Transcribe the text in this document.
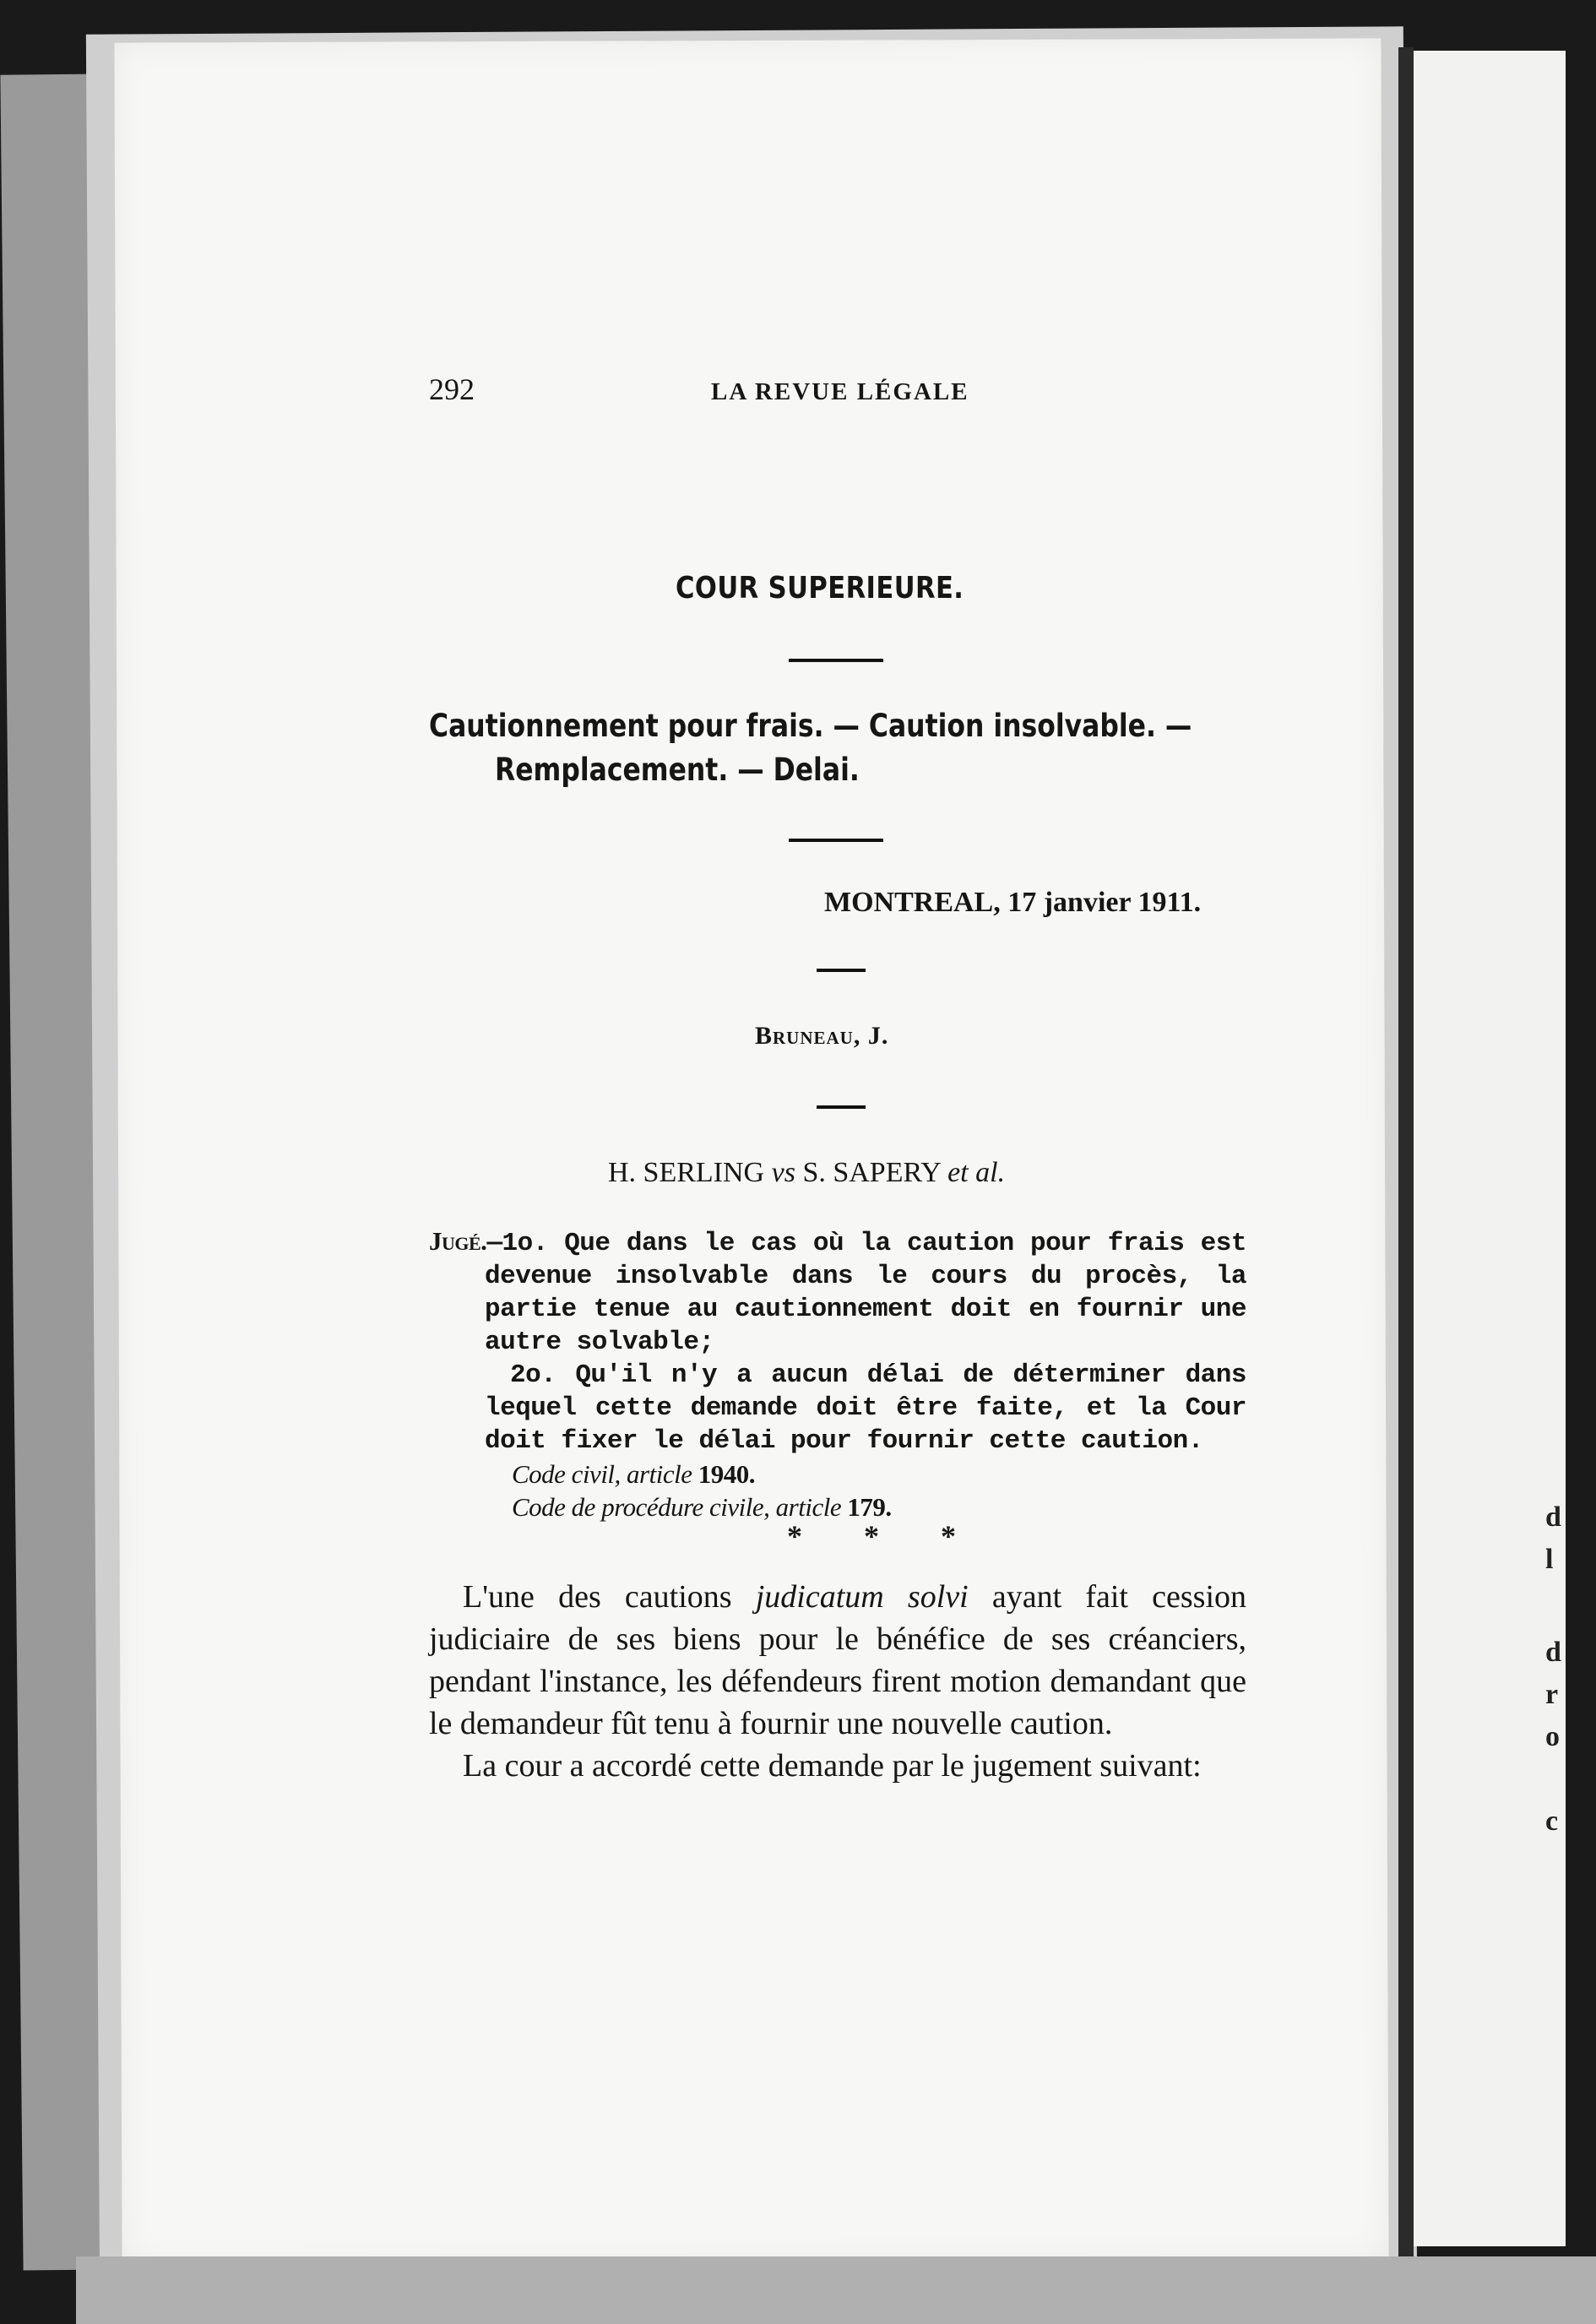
d
l
d
r
o
c
292	LA REVUE LÉGALE
COUR SUPERIEURE.
Cautionnement pour frais. — Caution insolvable. —
Remplacement. — Delai.
MONTREAL, 17 janvier 1911.
Bruneau, J.
H. SERLING vs S. SAPERY et al.

Jugé.—1o. Que dans le cas où la caution pour frais est devenue insolvable dans le cours du procès, la partie tenue au cautionnement doit en fournir une autre solvable;

2o. Qu'il n'y a aucun délai de déterminer dans lequel cette demande doit être faite, et la Cour doit fixer le délai pour fournir cette caution.

Code civil, article 1940.

Code de procédure civile, article 179.

* * *

L'une des cautions judicatum solvi ayant fait cession judiciaire de ses biens pour le bénéfice de ses créanciers, pendant l'instance, les défendeurs firent motion demandant que le demandeur fût tenu à fournir une nouvelle caution.

La cour a accordé cette demande par le jugement suivant:
